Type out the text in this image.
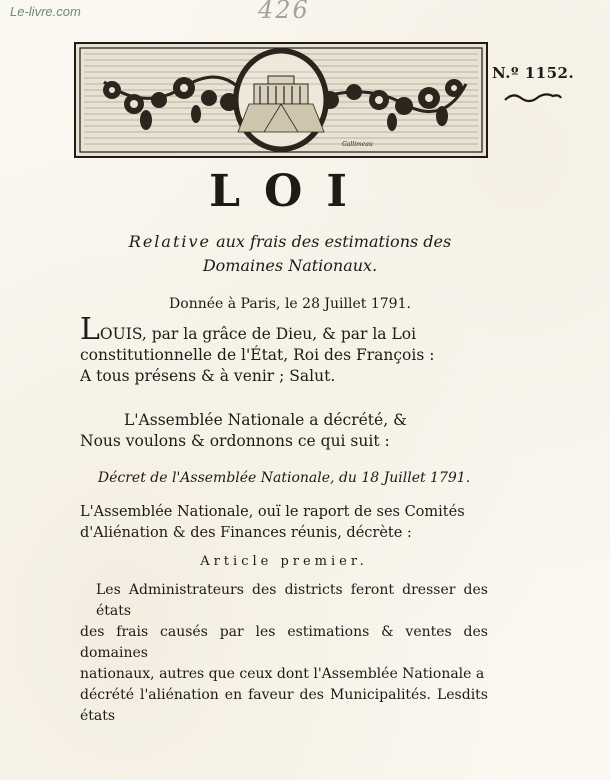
Le-livre.com	426
Gallimeau
N.º 1152.
LOI
Relative aux frais des estimations des
Domaines Nationaux.
Donnée à Paris, le 28 Juillet 1791.
LOUIS, par la grâce de Dieu, & par la Loi
constitutionnelle de l'État, Roi des François :
A tous présens & à venir ; Salut.
L'Assemblée Nationale a décrété, &
Nous voulons & ordonnons ce qui suit :
Décret de l'Assemblée Nationale, du 18 Juillet 1791.
L'Assemblée Nationale, ouï le raport de ses Comités
d'Aliénation & des Finances réunis, décrète :
Article premier.
Les Administrateurs des districts feront dresser des états
des frais causés par les estimations & ventes des domaines
nationaux, autres que ceux dont l'Assemblée Nationale a
décrété l'aliénation en faveur des Municipalités. Lesdits états
